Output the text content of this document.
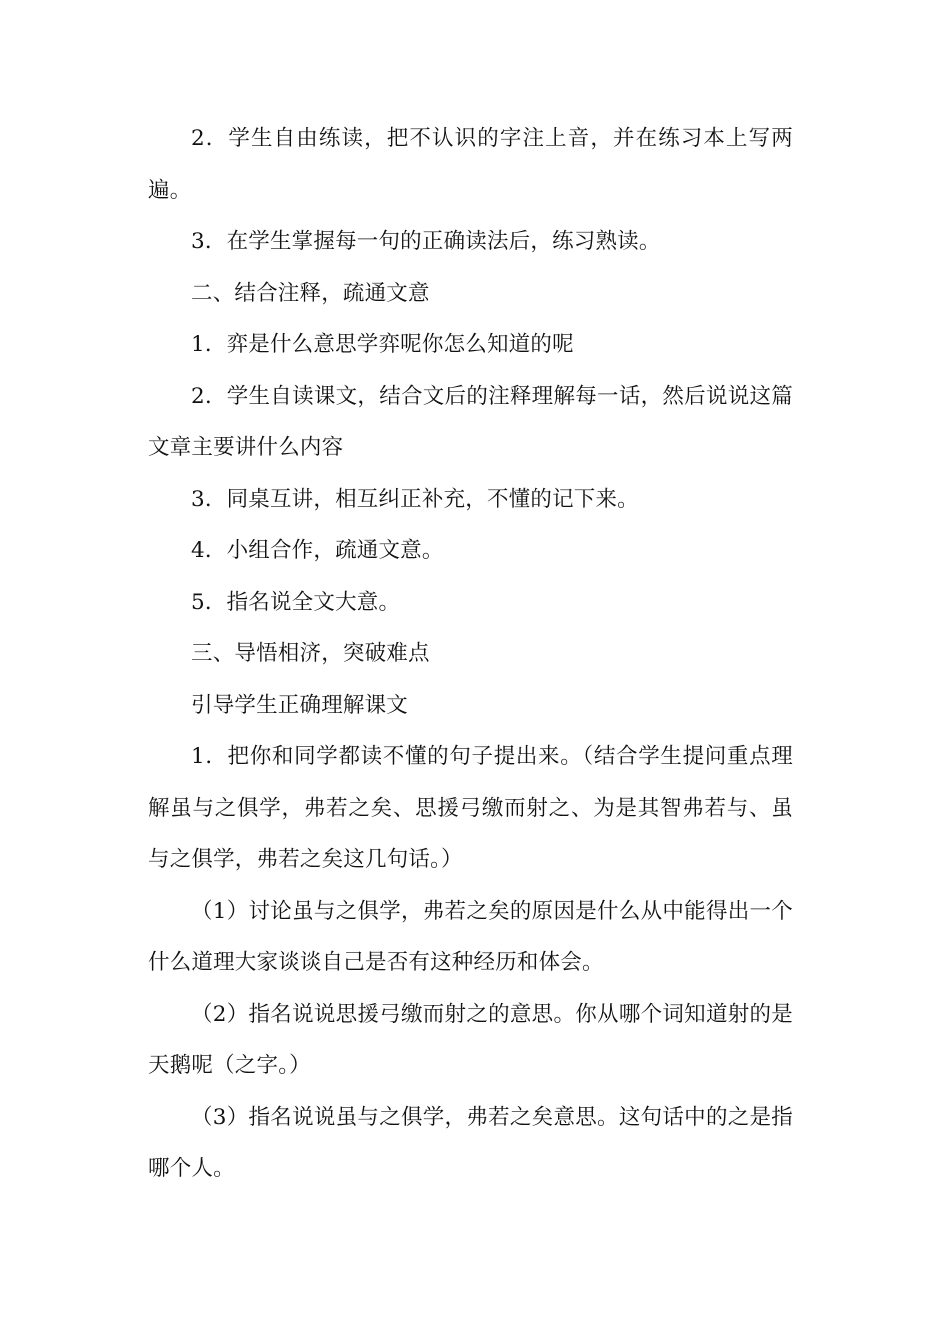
2．学生自由练读，把不认识的字注上音，并在练习本上写两遍。

3．在学生掌握每一句的正确读法后，练习熟读。

二、结合注释，疏通文意

1．弈是什么意思学弈呢你怎么知道的呢

2．学生自读课文，结合文后的注释理解每一话，然后说说这篇文章主要讲什么内容

3．同桌互讲，相互纠正补充，不懂的记下来。

4．小组合作，疏通文意。

5．指名说全文大意。

三、导悟相济，突破难点

引导学生正确理解课文

1．把你和同学都读不懂的句子提出来。（结合学生提问重点理解虽与之俱学，弗若之矣、思援弓缴而射之、为是其智弗若与、虽与之俱学，弗若之矣这几句话。）

（1）讨论虽与之俱学，弗若之矣的原因是什么从中能得出一个什么道理大家谈谈自己是否有这种经历和体会。

（2）指名说说思援弓缴而射之的意思。你从哪个词知道射的是天鹅呢（之字。）

（3）指名说说虽与之俱学，弗若之矣意思。这句话中的之是指哪个人。
